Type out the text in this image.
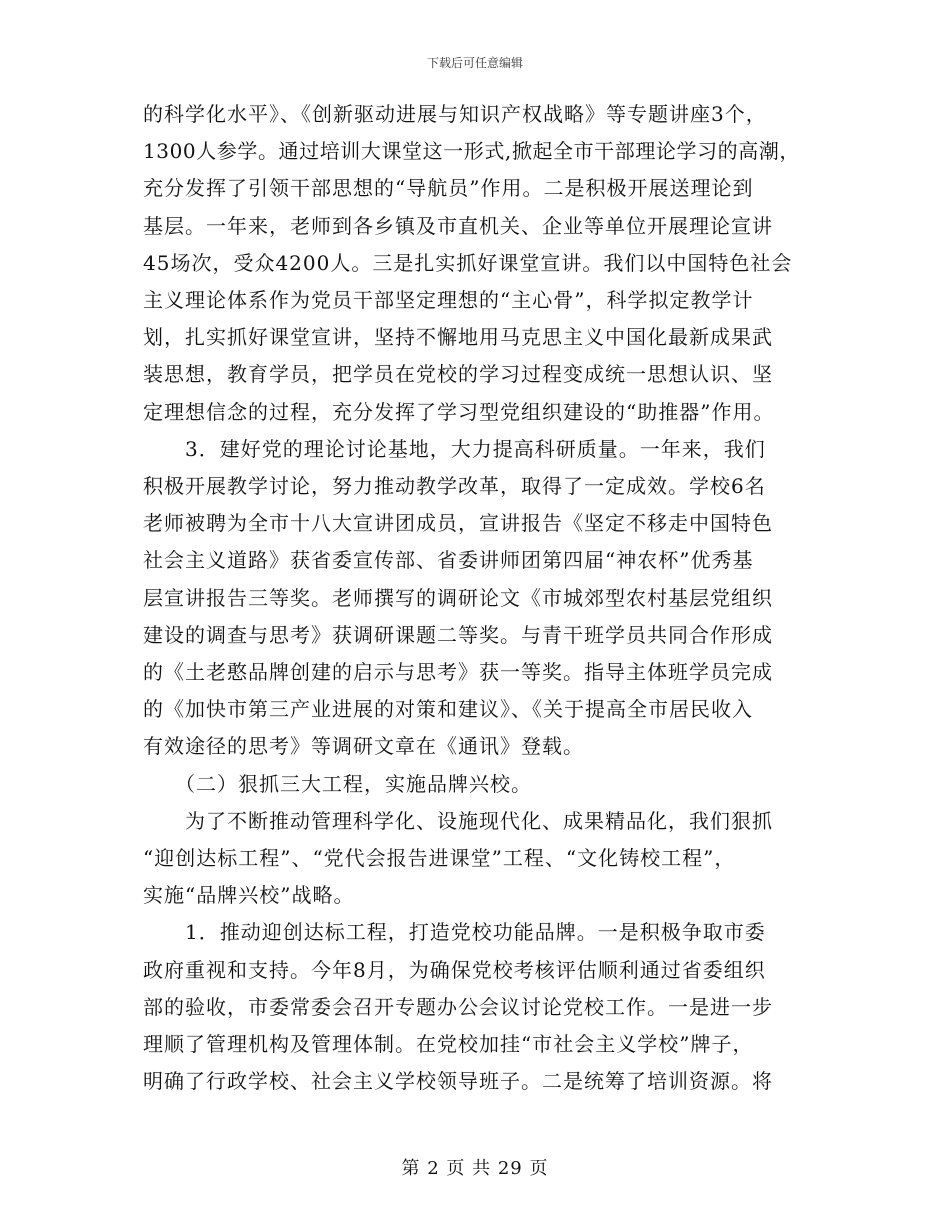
下载后可任意编辑
的科学化水平》、《创新驱动进展与知识产权战略》等专题讲座3个，
1300人参学。通过培训大课堂这一形式,掀起全市干部理论学习的高潮，
充分发挥了引领干部思想的“导航员”作用。二是积极开展送理论到
基层。一年来，老师到各乡镇及市直机关、企业等单位开展理论宣讲
45场次，受众4200人。三是扎实抓好课堂宣讲。我们以中国特色社会
主义理论体系作为党员干部坚定理想的“主心骨”，科学拟定教学计
划，扎实抓好课堂宣讲，坚持不懈地用马克思主义中国化最新成果武
装思想，教育学员，把学员在党校的学习过程变成统一思想认识、坚
定理想信念的过程，充分发挥了学习型党组织建设的“助推器”作用。
　　3．建好党的理论讨论基地，大力提高科研质量。一年来，我们
积极开展教学讨论，努力推动教学改革，取得了一定成效。学校6名
老师被聘为全市十八大宣讲团成员，宣讲报告《坚定不移走中国特色
社会主义道路》获省委宣传部、省委讲师团第四届“神农杯”优秀基
层宣讲报告三等奖。老师撰写的调研论文《市城郊型农村基层党组织
建设的调查与思考》获调研课题二等奖。与青干班学员共同合作形成
的《土老憨品牌创建的启示与思考》获一等奖。指导主体班学员完成
的《加快市第三产业进展的对策和建议》、《关于提高全市居民收入
有效途径的思考》等调研文章在《通讯》登载。
　　（二）狠抓三大工程，实施品牌兴校。
　　为了不断推动管理科学化、设施现代化、成果精品化，我们狠抓
“迎创达标工程”、“党代会报告进课堂”工程、“文化铸校工程”，
实施“品牌兴校”战略。
　　1．推动迎创达标工程，打造党校功能品牌。一是积极争取市委
政府重视和支持。今年8月，为确保党校考核评估顺利通过省委组织
部的验收，市委常委会召开专题办公会议讨论党校工作。一是进一步
理顺了管理机构及管理体制。在党校加挂“市社会主义学校”牌子，
明确了行政学校、社会主义学校领导班子。二是统筹了培训资源。将
第 2 页 共 29 页
